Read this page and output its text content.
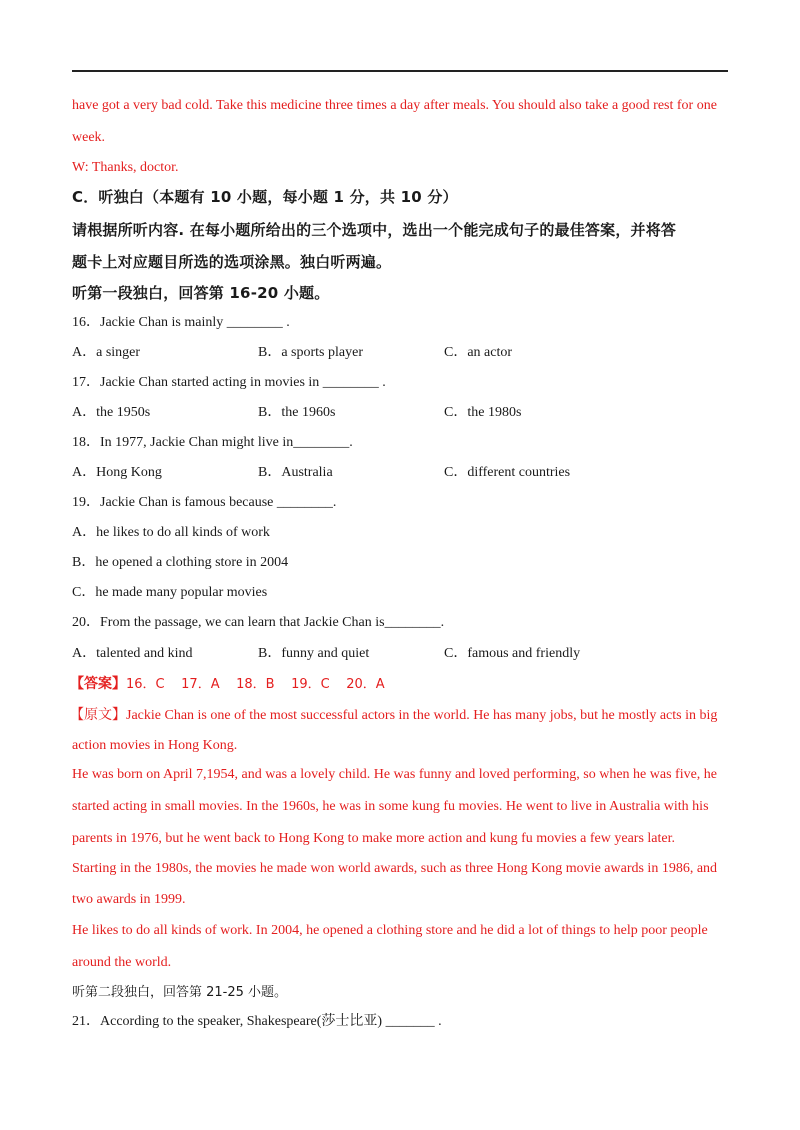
have got a very bad cold. Take this medicine three times a day after meals. You should also take a good rest for one
week.
W: Thanks, doctor.
C．听独白（本题有 10 小题，每小题 1 分，共 10 分）
请根据所听内容. 在每小题所给出的三个选项中，选出一个能完成句子的最佳答案，并将答
题卡上对应题目所选的选项涂黑。独白听两遍。
听第一段独白，回答第 16-20 小题。
16．Jackie Chan is mainly ________ .
A．a singer	B．a sports player	C．an actor
17．Jackie Chan started acting in movies in ________ .
A．the 1950s	B．the 1960s	C．the 1980s
18．In 1977, Jackie Chan might live in________.
A．Hong Kong	B．Australia	C．different countries
19．Jackie Chan is famous because ________.
A．he likes to do all kinds of work
B．he opened a clothing store in 2004
C．he made many popular movies
20．From the passage, we can learn that Jackie Chan is________.
A．talented and kind	B．funny and quiet	C．famous and friendly
【答案】16．C    17．A    18．B    19．C    20．A
【原文】Jackie Chan is one of the most successful actors in the world. He has many jobs, but he mostly acts in big
action movies in Hong Kong.
He was born on April 7,1954, and was a lovely child. He was funny and loved performing, so when he was five, he
started acting in small movies. In the 1960s, he was in some kung fu movies. He went to live in Australia with his
parents in 1976, but he went back to Hong Kong to make more action and kung fu movies a few years later.
Starting in the 1980s, the movies he made won world awards, such as three Hong Kong movie awards in 1986, and
two awards in 1999.
He likes to do all kinds of work. In 2004, he opened a clothing store and he did a lot of things to help poor people
around the world.
听第二段独白，回答第 21-25 小题。
21．According to the speaker, Shakespeare(莎士比亚) _______ .
